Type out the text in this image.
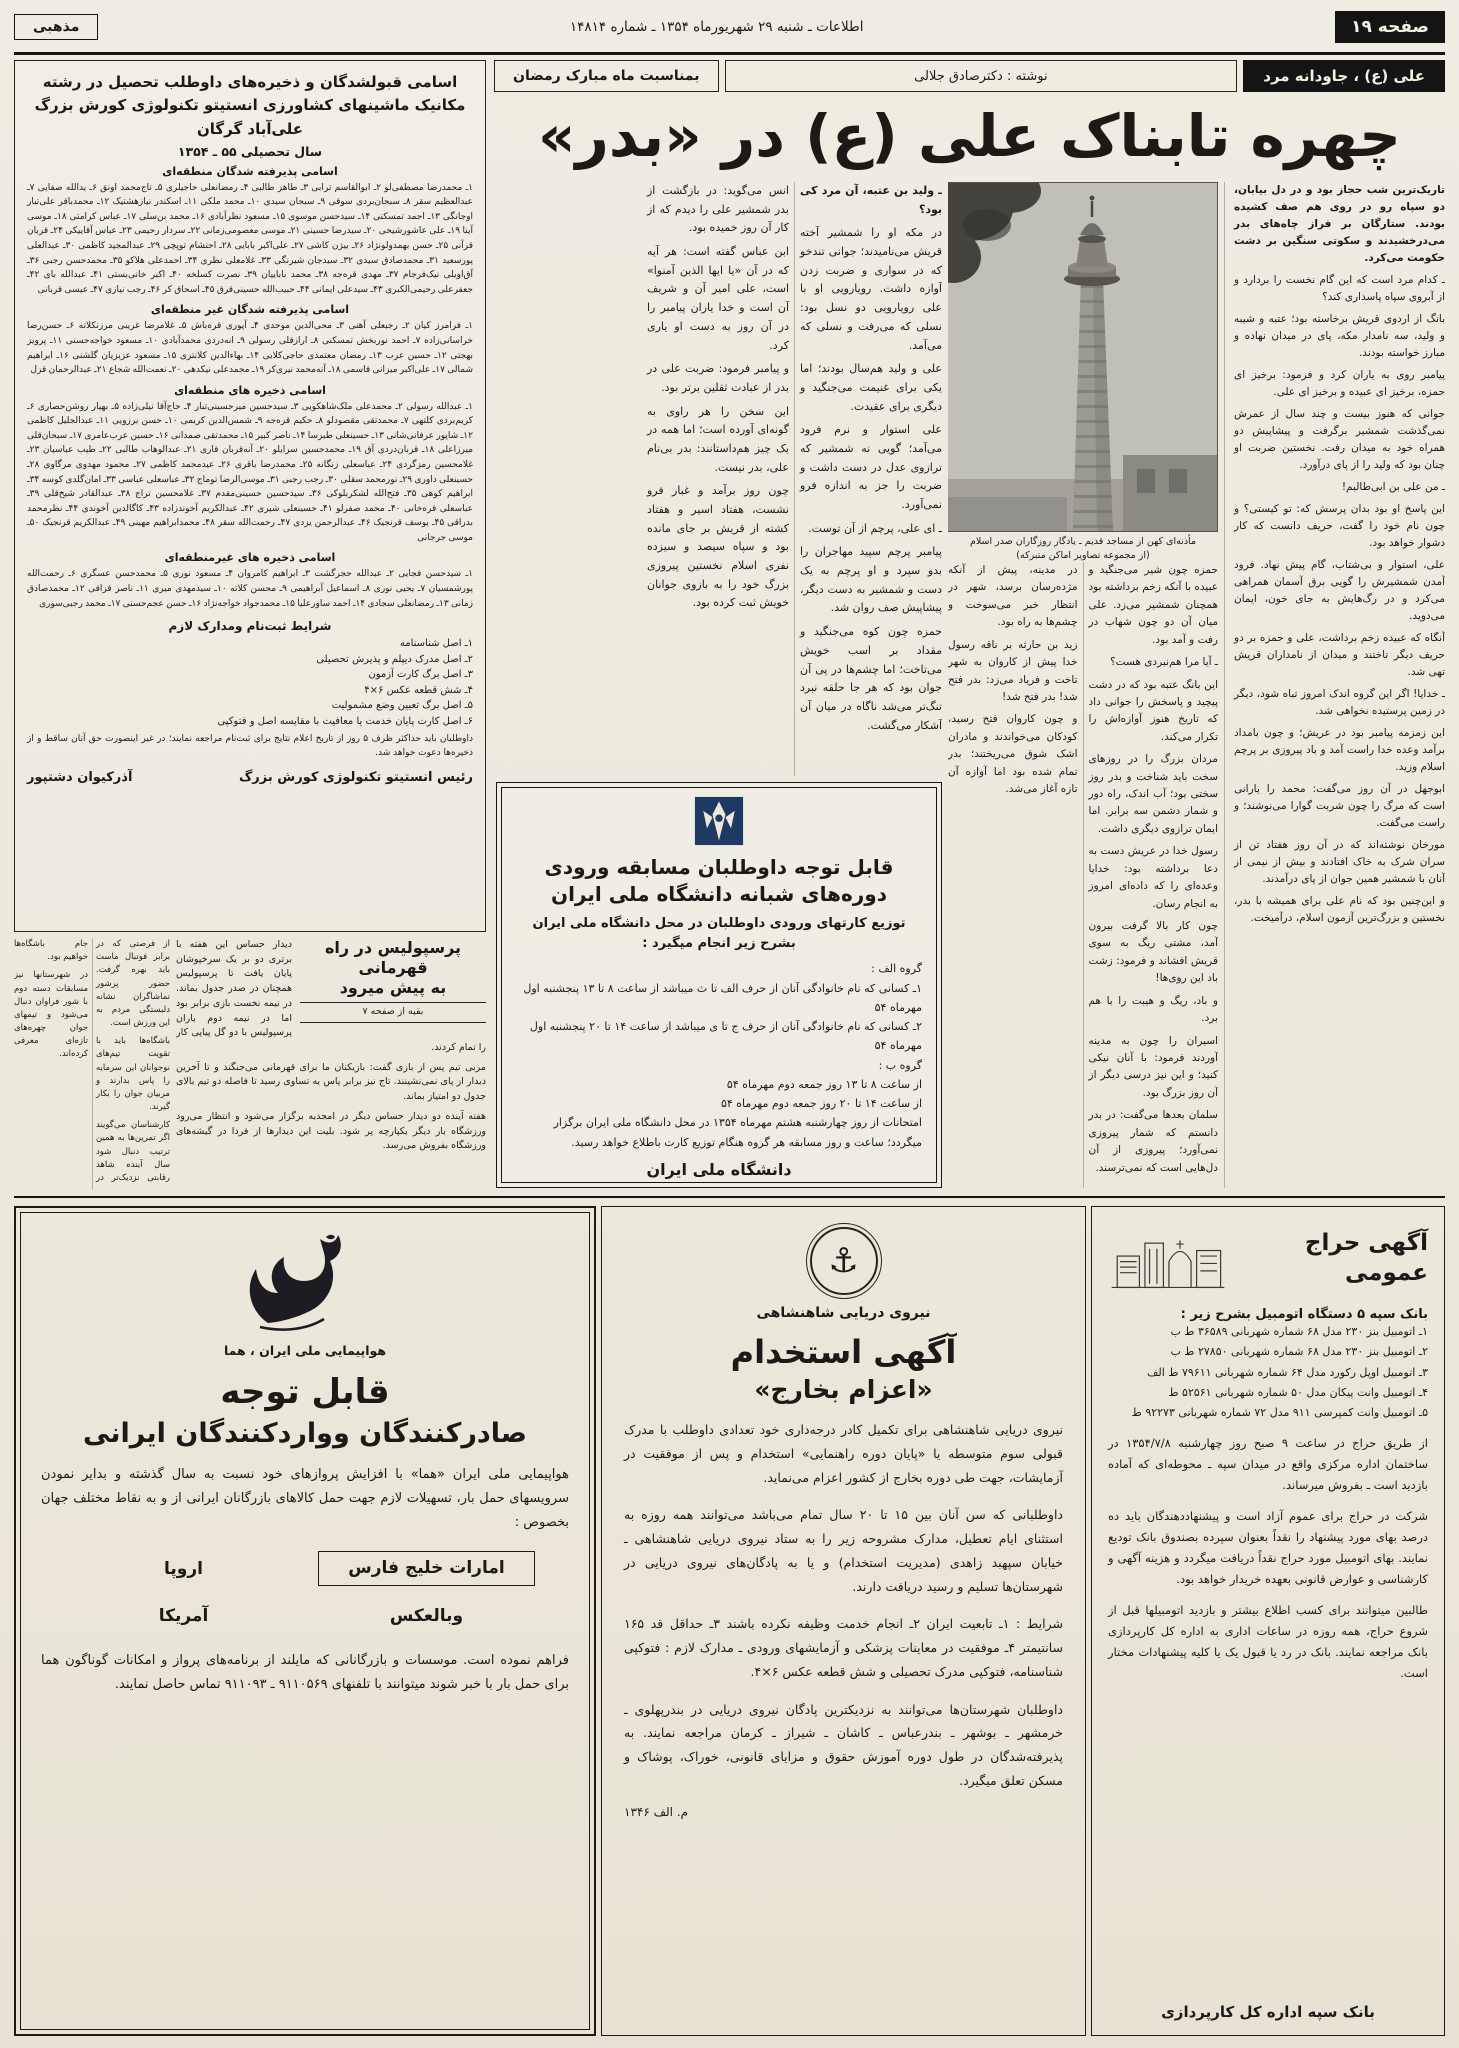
صفحه ۱۹
اطلاعات ـ شنبه ۲۹ شهریورماه ۱۳۵۴ ـ شماره ۱۴۸۱۴
مذهبی
اسامی قبولشدگان و ذخیره‌های داوطلب تحصیل در رشته مکانیک ماشینهای کشاورزی انستیتو تکنولوژی کورش بزرگ علی‌آباد گرگان
سال تحصیلی ۵۵ ـ ۱۳۵۴
اسامی پذیرفته شدگان منطقه‌ای
۱ـ محمدرضا مصطفی‌لو ۲ـ ابوالقاسم ترابی ۳ـ طاهر طالبی ۴ـ رمضانعلی حاجیلری ۵ـ تاج‌محمد اونق ۶ـ یدالله صفایی ۷ـ عبدالعظیم سقر ۸ـ سبحان‌بردی سوقی ۹ـ سبحان سیدی ۱۰ـ محمد ملکی ۱۱ـ اسکندر نیازهشتیک ۱۲ـ محمدباقر علی‌تبار اوجانگی ۱۳ـ احمد تمسکنی ۱۴ـ سیدحسن موسوی ۱۵ـ مسعود نظرآبادی ۱۶ـ محمد بن‌سلی ۱۷ـ عباس کرامتی ۱۸ـ موسی آینا ۱۹ـ علی عاشورشیخی ۲۰ـ سیدرضا حسینی ۲۱ـ موسی معصومی‌زمانی ۲۲ـ سردار رحیمی ۲۳ـ عباس آقاییکی ۲۴ـ قربان قرآنی ۲۵ـ حسن بهمدولونژاد ۲۶ـ بیژن کاشی ۲۷ـ علی‌اکبر بابایی ۲۸ـ احتشام توپچی ۲۹ـ عبدالمجید کاظمی ۳۰ـ عبدالعلی پورسعید ۳۱ـ محمدصادق سیدی ۳۲ـ سیدجان شیرنگی ۳۳ـ غلامعلی نظری ۳۴ـ احمدعلی هلاکو ۳۵ـ محمدحسن رجبی ۳۶ـ آق‌اویلی نیک‌فرجام ۳۷ـ مهدی قره‌جه ۳۸ـ محمد باباییان ۳۹ـ نصرت کسلخه ۴۰ـ اکبر خانی‌بستی ۴۱ـ عبدالله بای ۴۲ـ جعفرعلی رحیمی‌الکبری ۴۳ـ سیدعلی ایمانی ۴۴ـ حبیب‌الله حسینی‌قرق ۴۵ـ اسحاق کر ۴۶ـ رجب نیازی ۴۷ـ عیسی قربانی
اسامی پذیرفته شدگان غیر منطقه‌ای
۱ـ فرامرز کیان ۲ـ رجبعلی آهنی ۳ـ محی‌الدین موحدی ۴ـ آپوری قره‌باش ۵ـ غلامرضا غریبی مرزنکلاته ۶ـ حسن‌رضا خراسانی‌زاده ۷ـ احمد نوربخش تمسکنی ۸ـ ارازقلی رسولی ۹ـ انه‌دردی محمدآبادی ۱۰ـ مسعود خواجه‌حسنی ۱۱ـ پرویز بهجتی ۱۲ـ حسین عرب ۱۳ـ رمضان معتمدی حاجی‌کلایی ۱۴ـ بهاءالدین کلانتری ۱۵ـ مسعود عزیزیان گلشنی ۱۶ـ ابراهیم شمالی ۱۷ـ علی‌اکبر میزانی قاسمی ۱۸ـ آنه‌محمد نیری‌کر ۱۹ـ محمدعلی نیکدهی ۲۰ـ نعمت‌الله شجاع ۲۱ـ عبدالرحمان قزل
اسامی ذخیره های منطقه‌ای
۱ـ عبدالله رسولی ۲ـ محمدعلی ملک‌شاهکویی ۳ـ سیدحسین میرحسینی‌تبار ۴ـ حاج‌آقا نیلی‌زاده ۵ـ بهیار روشن‌حصاری ۶ـ کریم‌بردی کلتهی ۷ـ محمدتقی مقصودلو ۸ـ حکیم قره‌جه ۹ـ شمس‌الدین کریمی ۱۰ـ حسن برزویی ۱۱ـ عبدالجلیل کاظمی ۱۲ـ شاپور عرفانی‌شانی ۱۳ـ حسینعلی طبرسا ۱۴ـ ناصر کبیر ۱۵ـ محمدتقی صمدانی ۱۶ـ حسین عرب‌عامری ۱۷ـ سبحان‌قلی میرزاعلی ۱۸ـ قربان‌دردی آق ۱۹ـ محمدحسین سرایلو ۲۰ـ آنه‌قربان قاری ۲۱ـ عبدالوهاب طالبی ۲۲ـ طیب عباسیان ۲۳ـ غلامحسین رمزگردی ۲۴ـ عباسعلی زنگانه ۲۵ـ محمدرضا باقری ۲۶ـ عیدمحمد کاظمی ۲۷ـ محمود مهدوی مرگاوی ۲۸ـ حسینعلی داوری ۲۹ـ نورمحمد سقلی ۳۰ـ رجب رجبی ۳۱ـ موسی‌الرضا توماج ۳۲ـ عباسعلی عباسی ۳۳ـ امان‌گلدی کوسه ۳۴ـ ابراهیم کوهی ۳۵ـ فتح‌الله لشکربلوکی ۳۶ـ سیدحسین حسینی‌مقدم ۳۷ـ غلامحسین تراج ۳۸ـ عبدالقادر شیخ‌قلی ۳۹ـ عباسعلی قره‌خانی ۴۰ـ محمد صفرلو ۴۱ـ حسینعلی شیری ۴۲ـ عبدالکریم آخوندزاده ۴۳ـ کاگالدین آخوندی ۴۴ـ نظرمحمد بدراقی ۴۵ـ یوسف قرنجیک ۴۶ـ عبدالرحمن یزدی ۴۷ـ رحمت‌الله سقر ۴۸ـ محمدابراهیم مهینی ۴۹ـ عبدالکریم قرنجیک ۵۰ـ موسی جرجانی
اسامی ذخیره های غیرمنطقه‌ای
۱ـ سیدحسن فجایی ۲ـ عبدالله حجرگشت ۳ـ ابراهیم کامروان ۴ـ مسعود نوری ۵ـ محمدحسن عسگری ۶ـ رحمت‌الله پورشمسیان ۷ـ یحیی نوری ۸ـ اسماعیل آبراهیمی ۹ـ محسن کلاته ۱۰ـ سیدمهدی میری ۱۱ـ ناصر قزاقی ۱۲ـ محمدصادق زمانی ۱۳ـ رمضانعلی سجادی ۱۴ـ احمد ساورعلیا ۱۵ـ محمدجواد خواجه‌نژاد ۱۶ـ حسن عجم‌حسنی ۱۷ـ محمد رجبی‌سوری
شرایط ثبت‌نام ومدارک لازم
۱ـ اصل شناسنامه
۲ـ اصل مدرک دیپلم و پذیرش تحصیلی
۳ـ اصل برگ کارت آزمون
۴ـ شش قطعه عکس ۶×۴
۵ـ اصل برگ تعیین وضع مشمولیت
۶ـ اصل کارت پایان خدمت یا معافیت با مقایسه اصل و فتوکپی
داوطلبان باید حداکثر ظرف ۵ روز از تاریخ اعلام نتایج برای ثبت‌نام مراجعه نمایند؛ در غیر اینصورت حق آنان ساقط و از ذخیره‌ها دعوت خواهد شد.
رئیس انستیتو تکنولوژی کورش بزرگ
آذرکیوان دشتپور
علی (ع) ، جاودانه مرد
نوشته : دکترصادق جلالی
بمناسبت ماه مبارک رمضان
چهره تابناک علی (ع) در «بدر»
مأذنه‌ای کهن از مساجد قدیم ـ یادگار روزگاران صدر اسلام
(از مجموعه تصاویر اماکن متبرکه)
تاریک‌ترین شب حجاز بود و در دل بیابان، دو سپاه رو در روی هم صف کشیده بودند. ستارگان بر فراز چاه‌های بدر می‌درخشیدند و سکوتی سنگین بر دشت حکومت می‌کرد.
ـ کدام مرد است که این گام نخست را بردارد و از آبروی سپاه پاسداری کند؟
بانگ از اردوی قریش برخاسته بود؛ عتبه و شیبه و ولید، سه نامدار مکه، پای در میدان نهاده و مبارز خواسته بودند.
پیامبر روی به یاران کرد و فرمود: برخیز ای حمزه، برخیز ای عبیده و برخیز ای علی.
جوانی که هنوز بیست و چند سال از عمرش نمی‌گذشت شمشیر برگرفت و پیشاپیش دو همراه خود به میدان رفت. نخستین ضربت او چنان بود که ولید را از پای درآورد.
ـ من علی بن ابی‌طالبم!
این پاسخ او بود بدان پرسش که: تو کیستی؟ و چون نام خود را گفت، حریف دانست که کار دشوار خواهد بود.
علی، استوار و بی‌شتاب، گام پیش نهاد. فرود آمدن شمشیرش را گویی برق آسمان همراهی می‌کرد و در رگ‌هایش به جای خون، ایمان می‌دوید.
آنگاه که عبیده زخم برداشت، علی و حمزه بر دو حریف دیگر تاختند و میدان از نامداران قریش تهی شد.
ـ خدایا! اگر این گروه اندک امروز تباه شود، دیگر در زمین پرستیده نخواهی شد.
این زمزمه پیامبر بود در عریش؛ و چون بامداد برآمد وعده خدا راست آمد و باد پیروزی بر پرچم اسلام وزید.
ابوجهل در آن روز می‌گفت: محمد را یارانی است که مرگ را چون شربت گوارا می‌نوشند؛ و راست می‌گفت.
مورخان نوشته‌اند که در آن روز هفتاد تن از سران شرک به خاک افتادند و بیش از نیمی از آنان با شمشیر همین جوان از پای درآمدند.
و این‌چنین بود که نام علی برای همیشه با بدر، نخستین و بزرگ‌ترین آزمون اسلام، درآمیخت.
ـ ولید بن عتبه، آن مرد کی بود؟
در مکه او را شمشیر آخته قریش می‌نامیدند؛ جوانی تندخو که در سواری و ضربت زدن آوازه داشت. رویارویی او با علی رویارویی دو نسل بود: نسلی که می‌رفت و نسلی که می‌آمد.
علی و ولید هم‌سال بودند؛ اما یکی برای غنیمت می‌جنگید و دیگری برای عقیدت.
علی استوار و نرم فرود می‌آمد؛ گویی نه شمشیر که ترازوی عدل در دست داشت و ضربت را جز به اندازه فرو نمی‌آورد.
ـ ای علی، پرچم از آن توست.
پیامبر پرچم سپید مهاجران را بدو سپرد و او پرچم به یک دست و شمشیر به دست دیگر، پیشاپیش صف روان شد.
حمزه چون کوه می‌جنگید و مقداد بر اسب خویش می‌تاخت؛ اما چشم‌ها در پی آن جوان بود که هر جا حلقه نبرد تنگ‌تر می‌شد ناگاه در میان آن آشکار می‌گشت.
انس می‌گوید: در بازگشت از بدر شمشیر علی را دیدم که از کار آن روز خمیده بود.
ابن عباس گفته است: هر آیه که در آن «یا ایها الذین آمنوا» است، علی امیر آن و شریف آن است و خدا یاران پیامبر را در آن روز به دست او یاری کرد.
و پیامبر فرمود: ضربت علی در بدر از عبادت ثقلین برتر بود.
این سخن را هر راوی به گونه‌ای آورده است؛ اما همه در یک چیز هم‌داستانند: بدر بی‌نام علی، بدر نیست.
چون روز برآمد و غبار فرو نشست، هفتاد اسیر و هفتاد کشته از قریش بر جای مانده بود و سپاه سیصد و سیزده نفری اسلام نخستین پیروزی بزرگ خود را به بازوی جوانان خویش ثبت کرده بود.
حمزه چون شیر می‌جنگید و عبیده با آنکه زخم برداشته بود همچنان شمشیر می‌زد. علی میان آن دو چون شهاب در رفت و آمد بود.
ـ آیا مرا هم‌نبردی هست؟
این بانگ عتبه بود که در دشت پیچید و پاسخش را جوانی داد که تاریخ هنوز آوازه‌اش را تکرار می‌کند.
مردان بزرگ را در روزهای سخت باید شناخت و بدر روز سختی بود؛ آب اندک، راه دور و شمار دشمن سه برابر. اما ایمان ترازوی دیگری داشت.
رسول خدا در عریش دست به دعا برداشته بود: خدایا وعده‌ای را که داده‌ای امروز به انجام رسان.
چون کار بالا گرفت بیرون آمد، مشتی ریگ به سوی قریش افشاند و فرمود: زشت باد این روی‌ها!
و باد، ریگ و هیبت را با هم برد.
اسیران را چون به مدینه آوردند فرمود: با آنان نیکی کنید؛ و این نیز درسی دیگر از آن روز بزرگ بود.
سلمان بعدها می‌گفت: در بدر دانستم که شمار پیروزی نمی‌آورد؛ پیروزی از آن دل‌هایی است که نمی‌ترسند.
در مدینه، پیش از آنکه مژده‌رسان برسد، شهر در انتظار خبر می‌سوخت و چشم‌ها به راه بود.
زید بن حارثه بر ناقه رسول خدا پیش از کاروان به شهر تاخت و فریاد می‌زد: بدر فتح شد! بدر فتح شد!
و چون کاروان فتح رسید، کودکان می‌خواندند و مادران اشک شوق می‌ریختند؛ بدر تمام شده بود اما آوازه آن تازه آغاز می‌شد.
پرسپولیس در راه قهرمانی
به پیش میرود
بقیه از صفحه ۷
دیدار حساس این هفته با برتری دو بر یک سرخپوشان پایان یافت تا پرسپولیس همچنان در صدر جدول بماند. در نیمه نخست بازی برابر بود اما در نیمه دوم یاران پرسپولیس با دو گل پیاپی کار را تمام کردند.
مربی تیم پس از بازی گفت: بازیکنان ما برای قهرمانی می‌جنگند و تا آخرین دیدار از پای نمی‌نشینند. تاج نیز برابر پاس به تساوی رسید تا فاصله دو تیم بالای جدول دو امتیاز بماند.
هفته آینده دو دیدار حساس دیگر در امجدیه برگزار می‌شود و انتظار می‌رود ورزشگاه بار دیگر یکپارچه پر شود. بلیت این دیدارها از فردا در گیشه‌های ورزشگاه بفروش می‌رسد.
از فرصتی که در برابر فوتبال ماست باید بهره گرفت. حضور پرشور تماشاگران نشانه دلبستگی مردم به این ورزش است.
باشگاه‌ها باید با تقویت تیم‌های نوجوانان این سرمایه را پاس بدارند و مربیان جوان را بکار گیرند.
کارشناسان می‌گویند اگر تمرین‌ها به همین ترتیب دنبال شود سال آینده شاهد رقابتی نزدیک‌تر در جام باشگاه‌ها خواهیم بود.
در شهرستانها نیز مسابقات دسته دوم با شور فراوان دنبال می‌شود و تیمهای جوان چهره‌های تازه‌ای معرفی کرده‌اند.
قابل توجه داوطلبان مسابقه ورودی
دوره‌های شبانه دانشگاه ملی ایران
توزیع کارتهای ورودی داوطلبان در محل دانشگاه ملی ایران بشرح زیر انجام میگیرد :
گروه الف :
۱ـ کسانی که نام خانوادگی آنان از حرف الف تا ث میباشد از ساعت ۸ تا ۱۳ پنجشنبه اول مهرماه ۵۴
۲ـ کسانی که نام خانوادگی آنان از حرف ج تا ی میباشد از ساعت ۱۴ تا ۲۰ پنجشنبه اول مهرماه ۵۴
گروه ب :
از ساعت ۸ تا ۱۳ روز جمعه دوم مهرماه ۵۴
از ساعت ۱۴ تا ۲۰ روز جمعه دوم مهرماه ۵۴
امتحانات از روز چهارشنبه هشتم مهرماه ۱۳۵۴ در محل دانشگاه ملی ایران برگزار میگردد؛ ساعت و روز مسابقه هر گروه هنگام توزیع کارت باطلاع خواهد رسید.
دانشگاه ملی ایران
هواپیمایی ملی ایران ، هما
قابل توجه
صادرکنندگان وواردکنندگان ایرانی
هواپیمایی ملی ایران «هما» با افزایش پروازهای خود نسبت به سال گذشته و بدایر نمودن سرویسهای حمل بار، تسهیلات لازم جهت حمل کالاهای بازرگانان ایرانی از و به نقاط مختلف جهان بخصوص :
امارات خلیج فارس
اروپا
وبالعکس
آمریکا
فراهم نموده است. موسسات و بازرگانانی که مایلند از برنامه‌های پرواز و امکانات گوناگون هما برای حمل بار با خبر شوند میتوانند با تلفنهای ۹۱۱۰۵۶۹ ـ ۹۱۱۰۹۳ تماس حاصل نمایند.
⚓
نیروی دریایی شاهنشاهی
آگهی استخدام
«اعزام بخارج»
نیروی دریایی شاهنشاهی برای تکمیل کادر درجه‌داری خود تعدادی داوطلب با مدرک قبولی سوم متوسطه یا «پایان دوره راهنمایی» استخدام و پس از موفقیت در آزمایشات، جهت طی دوره بخارج از کشور اعزام می‌نماید.
داوطلبانی که سن آنان بین ۱۵ تا ۲۰ سال تمام می‌باشد می‌توانند همه روزه به استثنای ایام تعطیل، مدارک مشروحه زیر را به ستاد نیروی دریایی شاهنشاهی ـ خیابان سپهبد زاهدی (مدیریت استخدام) و یا به پادگان‌های نیروی دریایی در شهرستان‌ها تسلیم و رسید دریافت دارند.
شرایط : ۱ـ تابعیت ایران ۲ـ انجام خدمت وظیفه نکرده باشند ۳ـ حداقل قد ۱۶۵ سانتیمتر ۴ـ موفقیت در معاینات پزشکی و آزمایشهای ورودی ـ مدارک لازم : فتوکپی شناسنامه، فتوکپی مدرک تحصیلی و شش قطعه عکس ۶×۴.
داوطلبان شهرستان‌ها می‌توانند به نزدیکترین پادگان نیروی دریایی در بندرپهلوی ـ خرمشهر ـ بوشهر ـ بندرعباس ـ کاشان ـ شیراز ـ کرمان مراجعه نمایند. به پذیرفته‌شدگان در طول دوره آموزش حقوق و مزایای قانونی، خوراک، پوشاک و مسکن تعلق میگیرد.
م. الف ۱۳۴۶
آگهی حراج عمومی
بانک سپه ۵ دستگاه اتومبیل بشرح زیر :
۱ـ اتومبیل بنز ۲۳۰ مدل ۶۸ شماره شهربانی ۳۶۵۸۹ ط ب
۲ـ اتومبیل بنز ۲۳۰ مدل ۶۸ شماره شهربانی ۲۷۸۵۰ ط ب
۳ـ اتومبیل اوپل رکورد مدل ۶۴ شماره شهربانی ۷۹۶۱۱ ط الف
۴ـ اتومبیل وانت پیکان مدل ۵۰ شماره شهربانی ۵۲۵۶۱ ط
۵ـ اتومبیل وانت کمپرسی ۹۱۱ مدل ۷۲ شماره شهربانی ۹۲۲۷۳ ط
از طریق حراج در ساعت ۹ صبح روز چهارشنبه ۱۳۵۴/۷/۸ در ساختمان اداره مرکزی واقع در میدان سپه ـ محوطه‌ای که آماده بازدید است ـ بفروش میرساند.
شرکت در حراج برای عموم آزاد است و پیشنهاددهندگان باید ده درصد بهای مورد پیشنهاد را نقداً بعنوان سپرده بصندوق بانک تودیع نمایند. بهای اتومبیل مورد حراج نقداً دریافت میگردد و هزینه آگهی و کارشناسی و عوارض قانونی بعهده خریدار خواهد بود.
طالبین میتوانند برای کسب اطلاع بیشتر و بازدید اتومبیلها قبل از شروع حراج، همه روزه در ساعات اداری به اداره کل کارپردازی بانک مراجعه نمایند. بانک در رد یا قبول یک یا کلیه پیشنهادات مختار است.
بانک سپه اداره کل کارپردازی
